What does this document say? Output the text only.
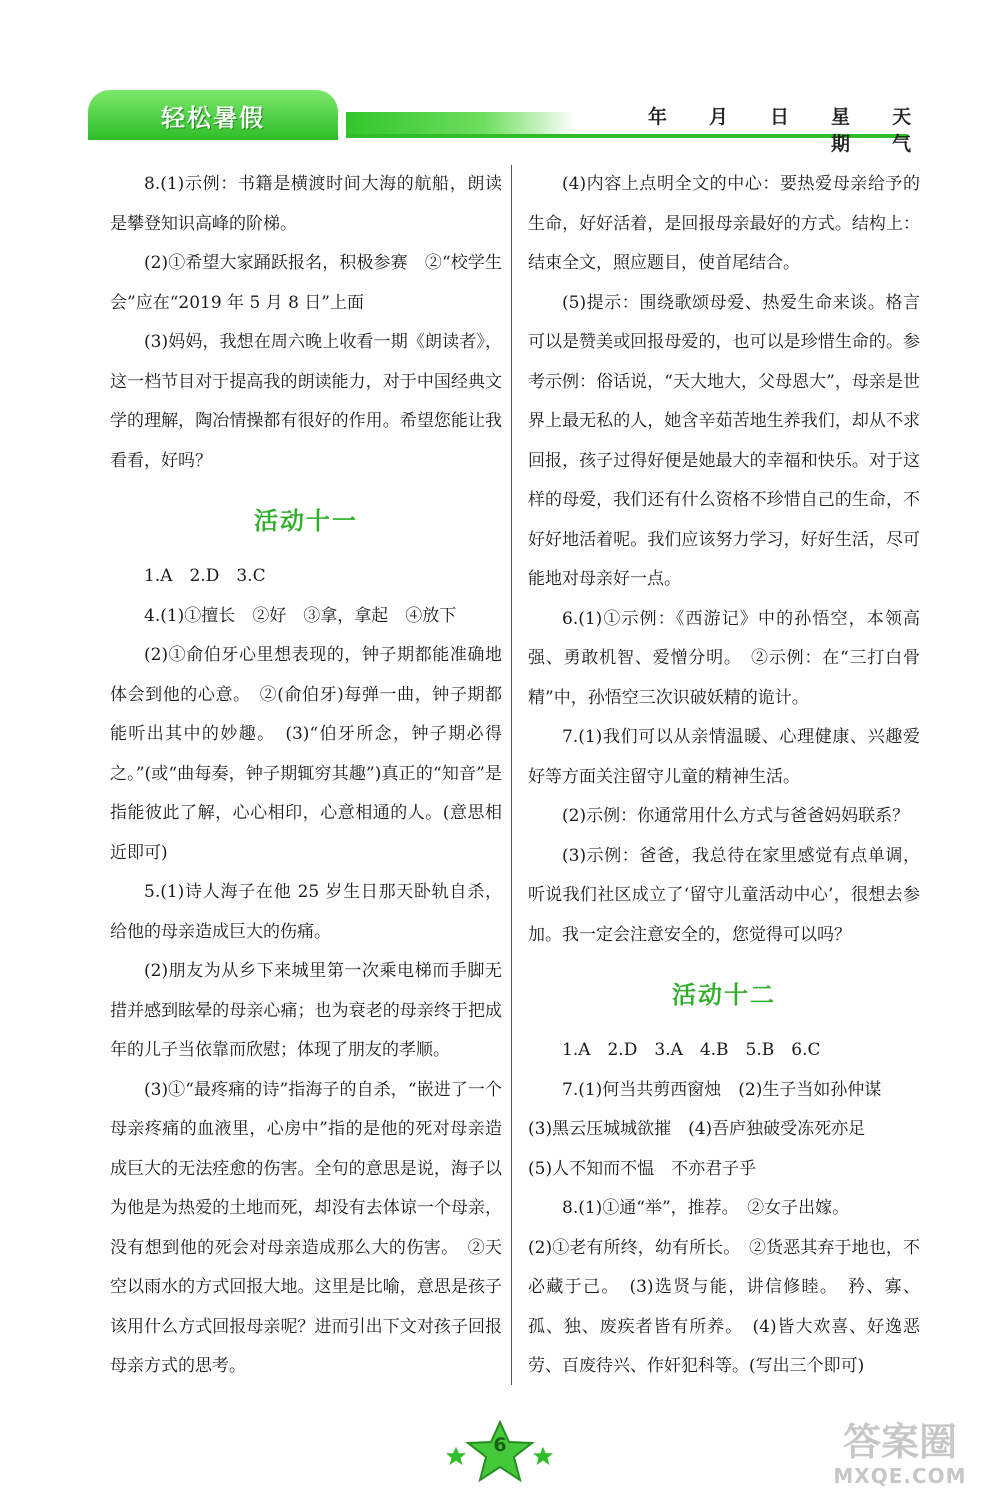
轻松暑假	年 月 日 星期
天气

8.(1)示例：书籍是横渡时间大海的航船，朗读是攀登知识高峰的阶梯。

(2)①希望大家踊跃报名，积极参赛　②“校学生会”应在“2019 年 5 月 8 日”上面

(3)妈妈，我想在周六晚上收看一期《朗读者》，这一档节目对于提高我的朗读能力，对于中国经典文学的理解，陶冶情操都有很好的作用。希望您能让我看看，好吗？

活动十一

1.A　2.D　3.C

4.(1)①擅长　②好　③拿，拿起　④放下

(2)①俞伯牙心里想表现的，钟子期都能准确地体会到他的心意。　②(俞伯牙)每弹一曲，钟子期都能听出其中的妙趣。　(3)“伯牙所念，钟子期必得之。”(或“曲每奏，钟子期辄穷其趣”)真正的“知音”是指能彼此了解，心心相印，心意相通的人。(意思相近即可)

5.(1)诗人海子在他 25 岁生日那天卧轨自杀，给他的母亲造成巨大的伤痛。

(2)朋友为从乡下来城里第一次乘电梯而手脚无措并感到眩晕的母亲心痛；也为衰老的母亲终于把成年的儿子当依靠而欣慰；体现了朋友的孝顺。

(3)①“最疼痛的诗”指海子的自杀，“嵌进了一个母亲疼痛的血液里，心房中”指的是他的死对母亲造成巨大的无法痊愈的伤害。全句的意思是说，海子以为他是为热爱的土地而死，却没有去体谅一个母亲，没有想到他的死会对母亲造成那么大的伤害。　②天空以雨水的方式回报大地。这里是比喻，意思是孩子该用什么方式回报母亲呢？进而引出下文对孩子回报母亲方式的思考。

(4)内容上点明全文的中心：要热爱母亲给予的生命，好好活着，是回报母亲最好的方式。结构上：结束全文，照应题目，使首尾结合。

(5)提示：围绕歌颂母爱、热爱生命来谈。格言可以是赞美或回报母爱的，也可以是珍惜生命的。参考示例：俗话说，“天大地大，父母恩大”，母亲是世界上最无私的人，她含辛茹苦地生养我们，却从不求回报，孩子过得好便是她最大的幸福和快乐。对于这样的母爱，我们还有什么资格不珍惜自己的生命，不好好地活着呢。我们应该努力学习，好好生活，尽可能地对母亲好一点。

6.(1)①示例：《西游记》中的孙悟空，本领高强、勇敢机智、爱憎分明。　②示例：在“三打白骨精”中，孙悟空三次识破妖精的诡计。

7.(1)我们可以从亲情温暖、心理健康、兴趣爱好等方面关注留守儿童的精神生活。

(2)示例：你通常用什么方式与爸爸妈妈联系？

(3)示例：爸爸，我总待在家里感觉有点单调，听说我们社区成立了‘留守儿童活动中心’，很想去参加。我一定会注意安全的，您觉得可以吗？

活动十二

1.A　2.D　3.A　4.B　5.B　6.C

7.(1)何当共剪西窗烛　(2)生子当如孙仲谋

(3)黑云压城城欲摧　(4)吾庐独破受冻死亦足

(5)人不知而不愠　不亦君子乎

8.(1)①通“举”，推荐。　②女子出嫁。

(2)①老有所终，幼有所长。　②货恶其弃于地也，不必藏于己。　(3)选贤与能，讲信修睦。　矜、寡、孤、独、废疾者皆有所养。　(4)皆大欢喜、好逸恶劳、百废待兴、作奸犯科等。(写出三个即可)

6	答案圈
MXQE.COM
